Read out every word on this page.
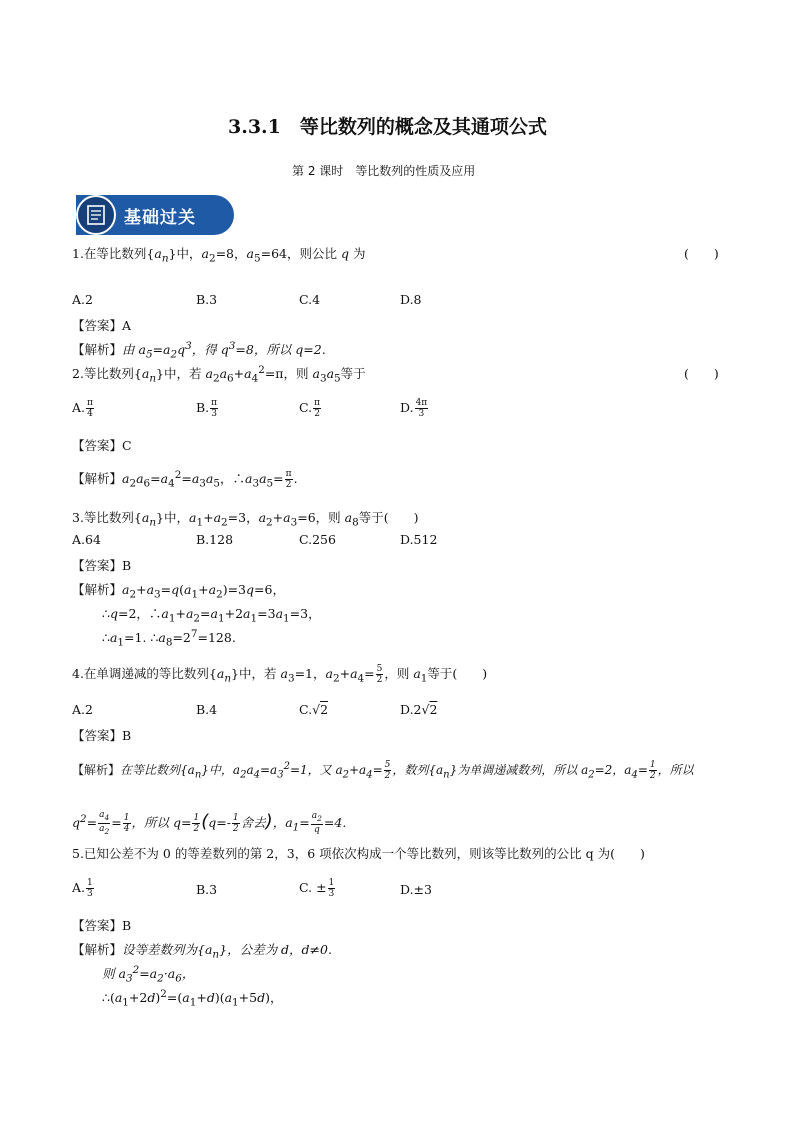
3.3.1　等比数列的概念及其通项公式
第 2 课时　等比数列的性质及应用
基础过关
1.在等比数列$\{a_n\}$中，$a_2=8$，$a_5=64$，则公比 q 为	(　　)
A.2	B.3	C.4	D.8
【答案】A
【解析】由 $a_5=a_2q^3$，得 $q^3=8$，所以 q=2.
2.等比数列$\{a_n\}$中，若 $a_2a_6+a_4^2=\pi$，则 $a_3a_5$等于	(　　)
A. $\frac{\pi}{4}$	B. $\frac{\pi}{3}$	C. $\frac{\pi}{2}$	D. $\frac{4\pi}{3}$
【答案】C
【解析】$a_2a_6=a_4^2=a_3a_5$，$\therefore a_3a_5= \frac{\pi}{2}$ .
3.等比数列$\{a_n\}$中，$a_1+a_2=3$，$a_2+a_3=6$，则 $a_8$等于(　　)
A.64	B.128	C.256	D.512
【答案】B
【解析】$a_2+a_3=q(a_1+a_2)=3q=6$，
∴q=2，$\therefore a_1+a_2=a_1+2a_1=3a_1=3$，
$\therefore a_1=1$. $\therefore a_8=2^7=128$.
4.在单调递减的等比数列$\{a_n\}$中，若 $a_3=1$，$a_2+a_4= \frac{5}{2}$ ，则 $a_1$等于(　　)
A.2	B.4	C.√2	D.2√2
【答案】B
【解析】在等比数列$\{a_n\}$中，$a_2a_4=a_3^2=1$，又 $a_2+a_4= \frac{5}{2}$ ，数列$\{a_n\}$为单调递减数列，所以 $a_2=2$，$a_4= \frac{1}{2}$ ，所以
$q^2= \frac{a_4}{a_2} = \frac{1}{4}$ ，所以 $q= \frac{1}{2} (q=- \frac{1}{2}$ 舍去)，$a_1= \frac{a_2}{q} =4$.
5.已知公差不为 0 的等差数列的第 2，3，6 项依次构成一个等比数列，则该等比数列的公比 q 为(　　)
A. $\frac{1}{3}$	B.3	C. ± $\frac{1}{3}$	D.±3
【答案】B
【解析】设等差数列为$\{a_n\}$，公差为 d，d≠0.
则 $a_3^2=a_2\cdot a_6$，
$\therefore(a_1+2d)^2=(a_1+d)(a_1+5d)$，
